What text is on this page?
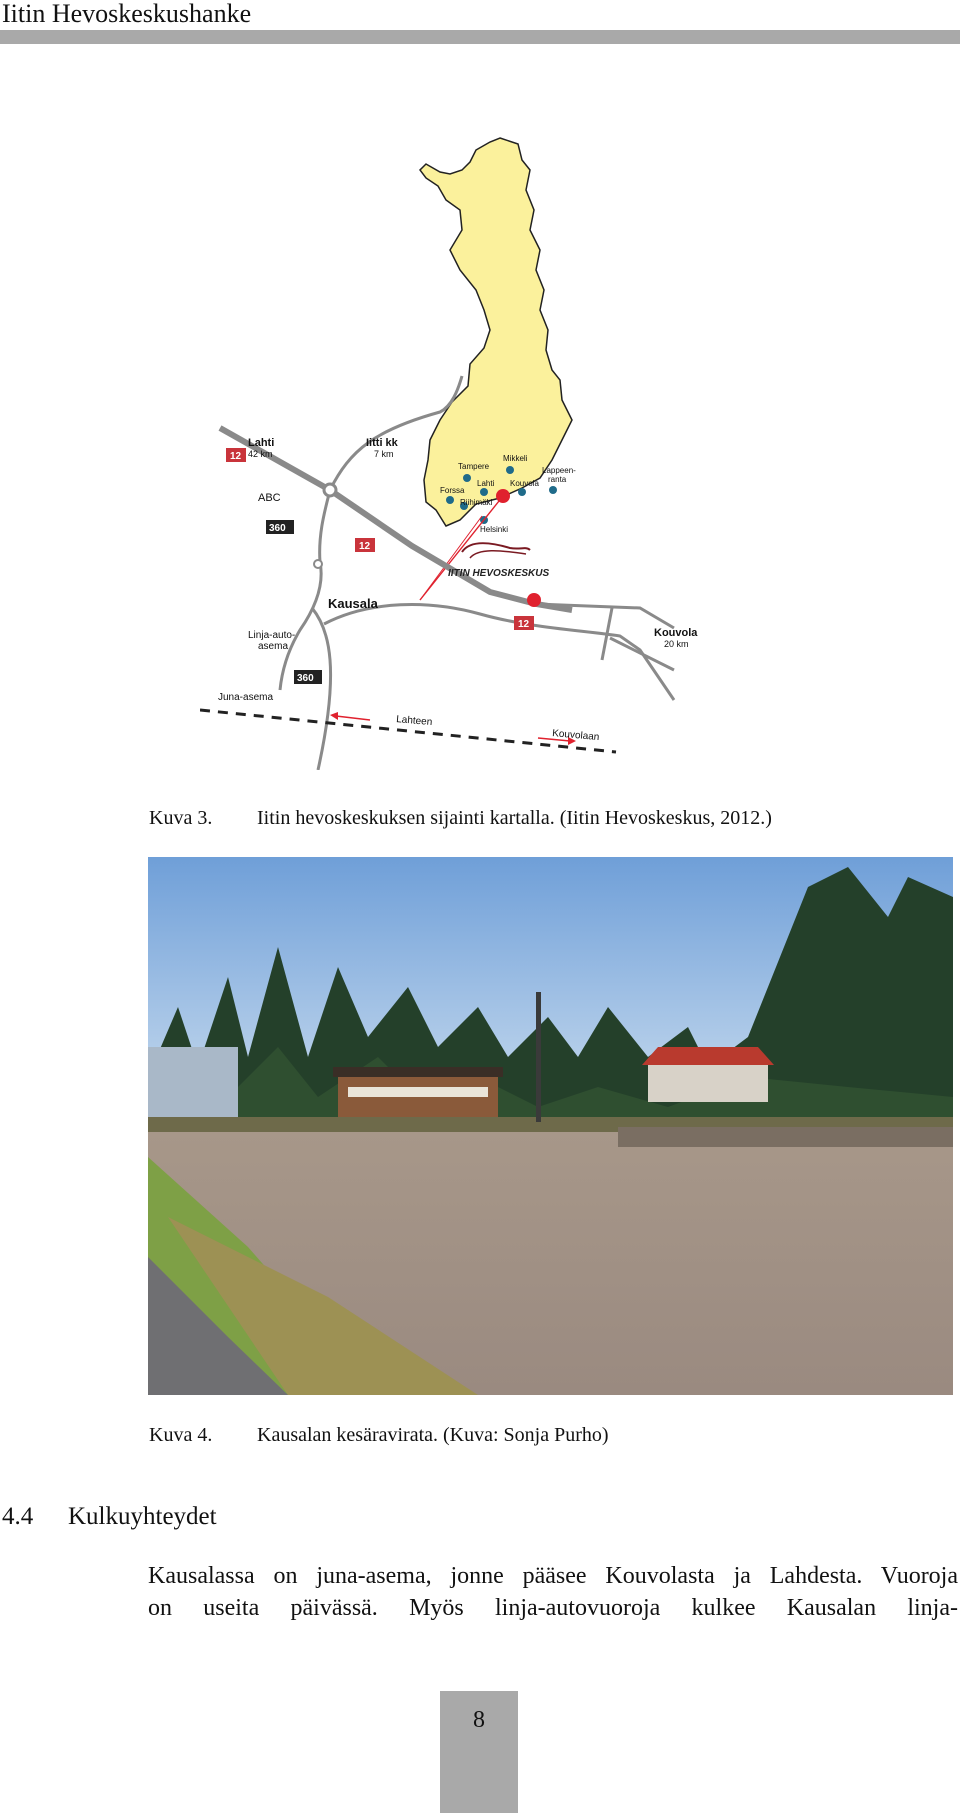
Iitin Hevoskeskushanke
Tampere
Mikkeli
Lappeen-
ranta
Forssa
Lahti Kouvola
Riihimäki
Helsinki
12
360
12
12
360
IITIN HEVOSKESKUS
Lahti
42 km
Iitti kk
7 km
ABC
Kausala
Linja-auto-
asema
Juna-asema
Kouvola
20 km
Lahteen
Kouvolaan
Kuva 3. Iitin hevoskeskuksen sijainti kartalla. (Iitin Hevoskeskus, 2012.)
Kuva 4. Kausalan kesäravirata. (Kuva: Sonja Purho)
4.4 Kulkuyhteydet
Kausalassa on juna-asema, jonne pääsee Kouvolasta ja Lahdesta. Vuoroja
on useita päivässä. Myös linja-autovuoroja kulkee Kausalan linja-
8
